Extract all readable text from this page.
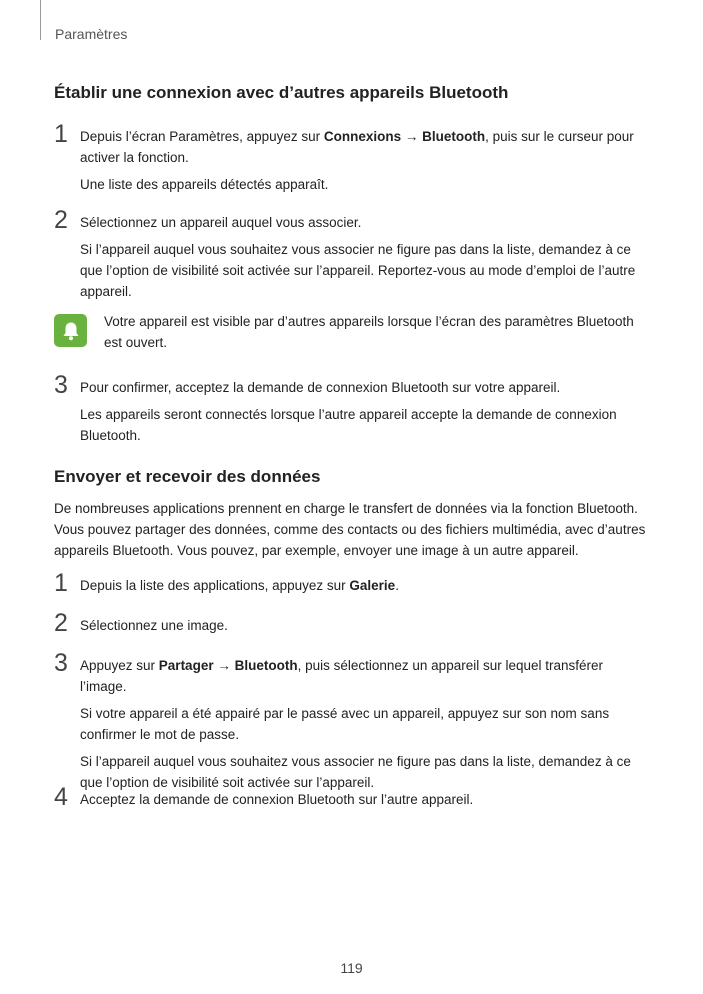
Paramètres
Établir une connexion avec d’autres appareils Bluetooth
1 Depuis l’écran Paramètres, appuyez sur Connexions → Bluetooth, puis sur le curseur pour activer la fonction.

Une liste des appareils détectés apparaît.

2 Sélectionnez un appareil auquel vous associer.

Si l’appareil auquel vous souhaitez vous associer ne figure pas dans la liste, demandez à ce que l’option de visibilité soit activée sur l’appareil. Reportez-vous au mode d’emploi de l’autre appareil.

Votre appareil est visible par d’autres appareils lorsque l’écran des paramètres Bluetooth est ouvert.
3 Pour confirmer, acceptez la demande de connexion Bluetooth sur votre appareil.

Les appareils seront connectés lorsque l’autre appareil accepte la demande de connexion Bluetooth.

Envoyer et recevoir des données
De nombreuses applications prennent en charge le transfert de données via la fonction Bluetooth. Vous pouvez partager des données, comme des contacts ou des fichiers multimédia, avec d’autres appareils Bluetooth. Vous pouvez, par exemple, envoyer une image à un autre appareil.
1 Depuis la liste des applications, appuyez sur Galerie.

2 Sélectionnez une image.

3 Appuyez sur Partager → Bluetooth, puis sélectionnez un appareil sur lequel transférer l’image.

Si votre appareil a été appairé par le passé avec un appareil, appuyez sur son nom sans confirmer le mot de passe.

Si l’appareil auquel vous souhaitez vous associer ne figure pas dans la liste, demandez à ce que l’option de visibilité soit activée sur l’appareil.

4 Acceptez la demande de connexion Bluetooth sur l’autre appareil.

119
